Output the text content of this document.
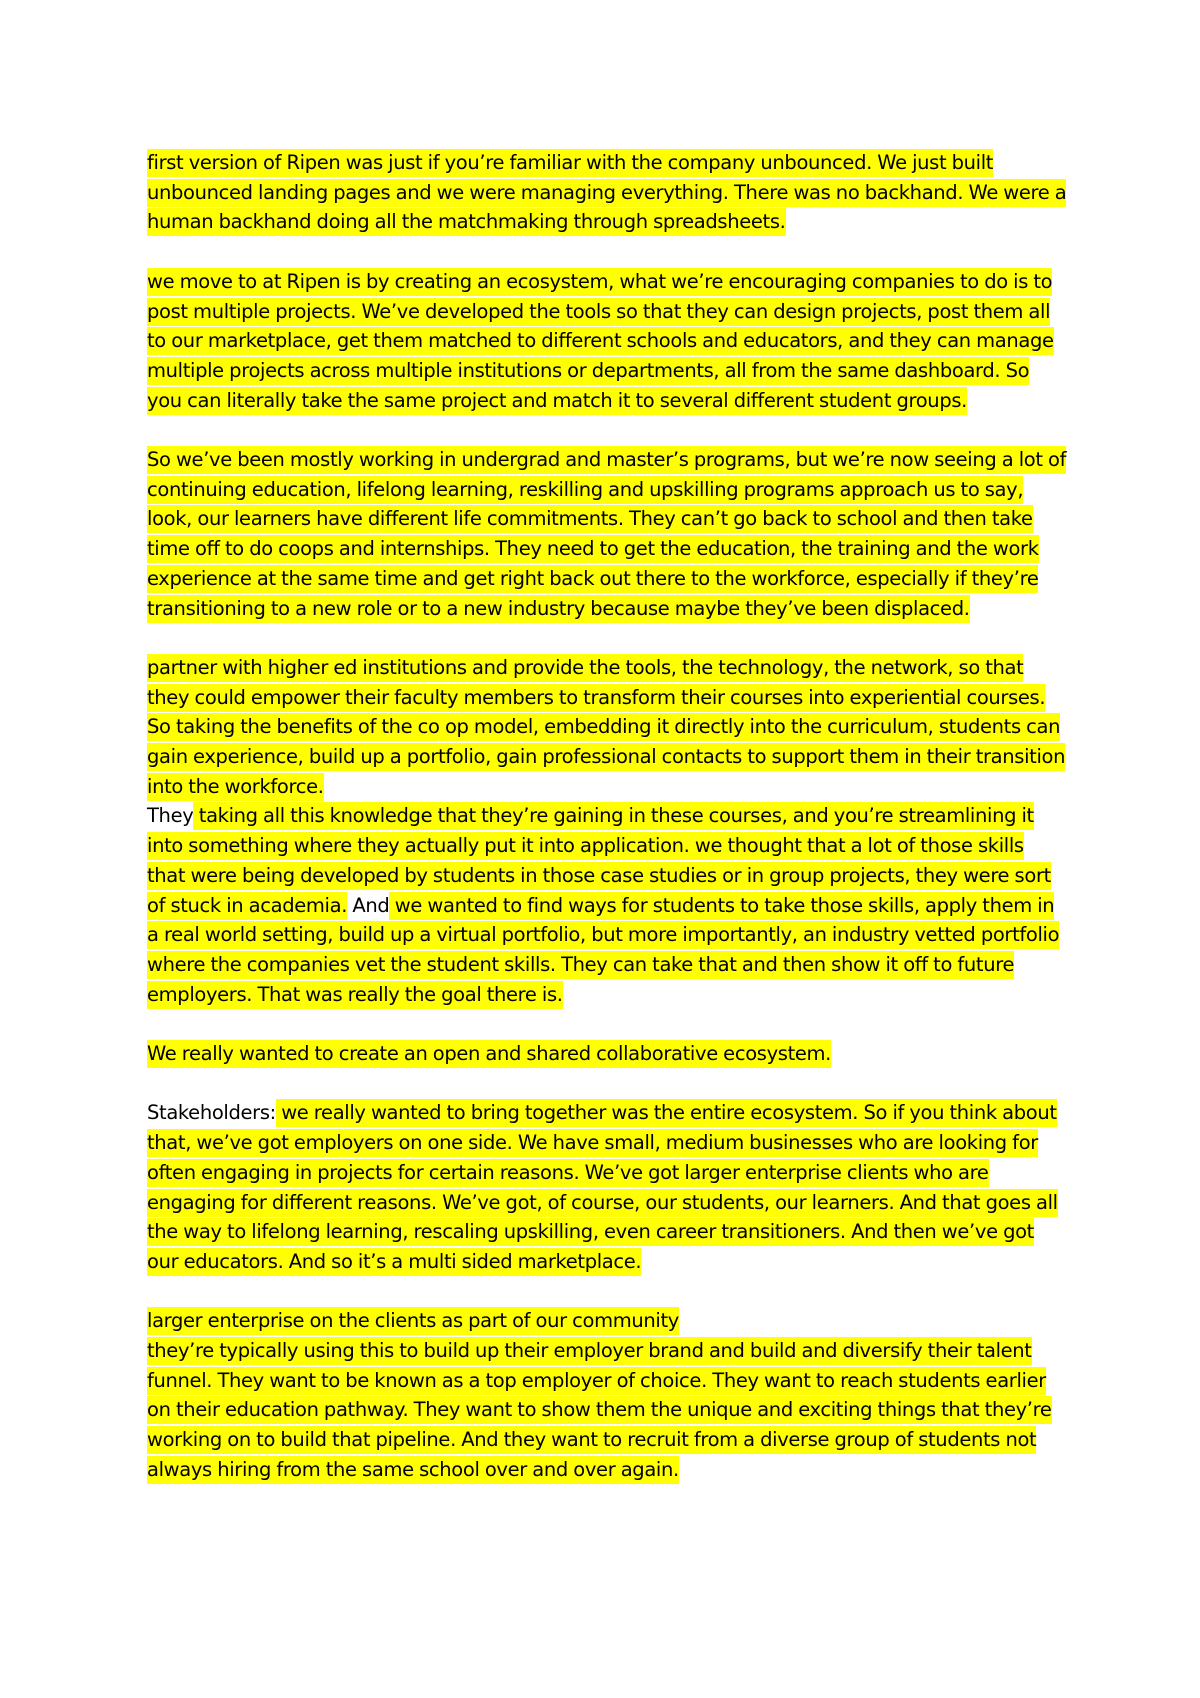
first version of Ripen was just if you’re familiar with the company unbounced. We just built unbounced landing pages and we were managing everything. There was no backhand. We were a human backhand doing all the matchmaking through spreadsheets.

we move to at Ripen is by creating an ecosystem, what we’re encouraging companies to do is to post multiple projects. We’ve developed the tools so that they can design projects, post them all to our marketplace, get them matched to different schools and educators, and they can manage multiple projects across multiple institutions or departments, all from the same dashboard. So you can literally take the same project and match it to several different student groups.

So we’ve been mostly working in undergrad and master’s programs, but we’re now seeing a lot of continuing education, lifelong learning, reskilling and upskilling programs approach us to say, look, our learners have different life commitments. They can’t go back to school and then take time off to do coops and internships. They need to get the education, the training and the work experience at the same time and get right back out there to the workforce, especially if they’re transitioning to a new role or to a new industry because maybe they’ve been displaced.

partner with higher ed institutions and provide the tools, the technology, the network, so that they could empower their faculty members to transform their courses into experiential courses. So taking the benefits of the co op model, embedding it directly into the curriculum, students can gain experience, build up a portfolio, gain professional contacts to support them in their transition into the workforce.

They taking all this knowledge that they’re gaining in these courses, and you’re streamlining it into something where they actually put it into application. we thought that a lot of those skills that were being developed by students in those case studies or in group projects, they were sort of stuck in academia. And we wanted to find ways for students to take those skills, apply them in a real world setting, build up a virtual portfolio, but more importantly, an industry vetted portfolio where the companies vet the student skills. They can take that and then show it off to future employers. That was really the goal there is.

We really wanted to create an open and shared collaborative ecosystem.

Stakeholders: we really wanted to bring together was the entire ecosystem. So if you think about that, we’ve got employers on one side. We have small, medium businesses who are looking for often engaging in projects for certain reasons. We’ve got larger enterprise clients who are engaging for different reasons. We’ve got, of course, our students, our learners. And that goes all the way to lifelong learning, rescaling upskilling, even career transitioners. And then we’ve got our educators. And so it’s a multi sided marketplace.

larger enterprise on the clients as part of our community

they’re typically using this to build up their employer brand and build and diversify their talent funnel. They want to be known as a top employer of choice. They want to reach students earlier on their education pathway. They want to show them the unique and exciting things that they’re working on to build that pipeline. And they want to recruit from a diverse group of students not always hiring from the same school over and over again.
